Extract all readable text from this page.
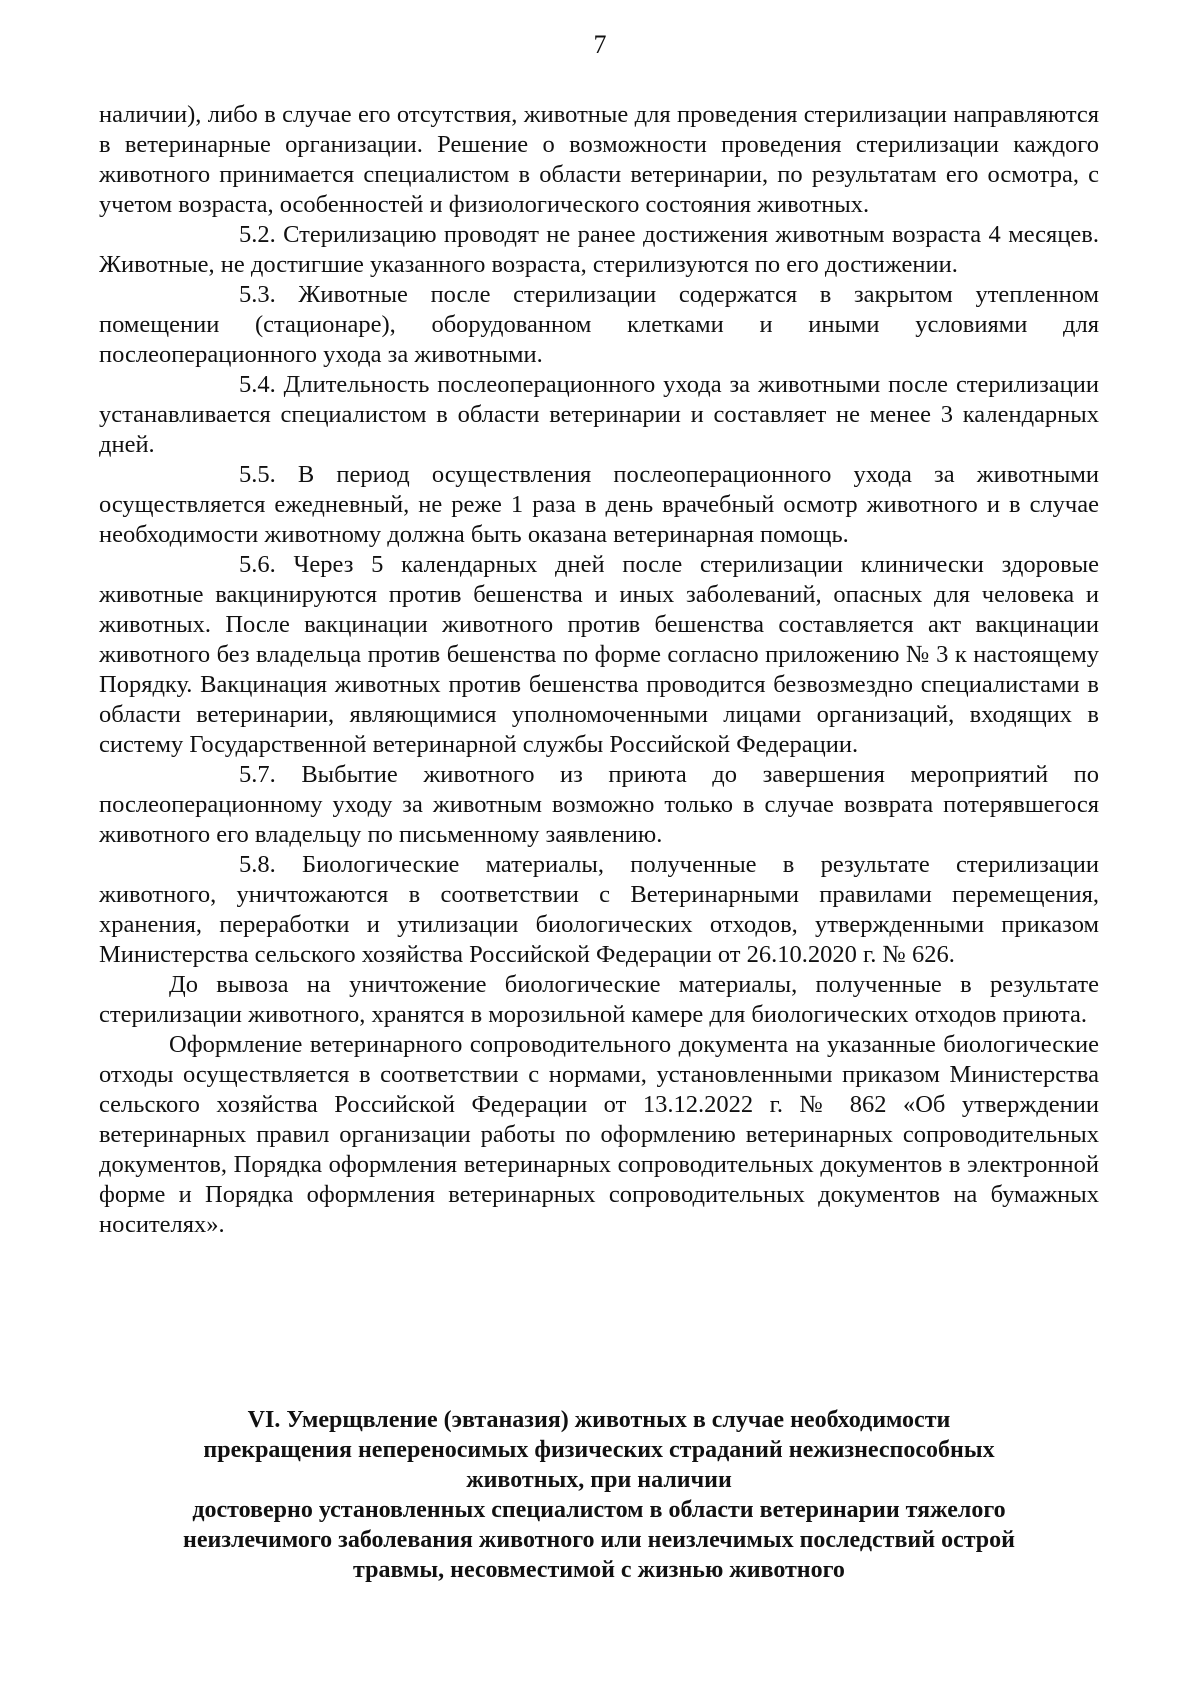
7

наличии), либо в случае его отсутствия, животные для проведения стерилизации направляются в ветеринарные организации. Решение о возможности проведения стерилизации каждого животного принимается специалистом в области ветеринарии, по результатам его осмотра, с учетом возраста, особенностей и физиологического состояния животных.

5.2. Стерилизацию проводят не ранее достижения животным возраста 4 месяцев. Животные, не достигшие указанного возраста, стерилизуются по его достижении.

5.3. Животные после стерилизации содержатся в закрытом утепленном помещении (стационаре), оборудованном клетками и иными условиями для послеоперационного ухода за животными.

5.4. Длительность послеоперационного ухода за животными после стерилизации устанавливается специалистом в области ветеринарии и составляет не менее 3 календарных дней.

5.5. В период осуществления послеоперационного ухода за животными осуществляется ежедневный, не реже 1 раза в день врачебный осмотр животного и в случае необходимости животному должна быть оказана ветеринарная помощь.

5.6. Через 5 календарных дней после стерилизации клинически здоровые животные вакцинируются против бешенства и иных заболеваний, опасных для человека и животных. После вакцинации животного против бешенства составляется акт вакцинации животного без владельца против бешенства по форме согласно приложению № 3 к настоящему Порядку. Вакцинация животных против бешенства проводится безвозмездно специалистами в области ветеринарии, являющимися уполномоченными лицами организаций, входящих в систему Государственной ветеринарной службы Российской Федерации.

5.7. Выбытие животного из приюта до завершения мероприятий по послеоперационному уходу за животным возможно только в случае возврата потерявшегося животного его владельцу по письменному заявлению.

5.8. Биологические материалы, полученные в результате стерилизации животного, уничтожаются в соответствии с Ветеринарными правилами перемещения, хранения, переработки и утилизации биологических отходов, утвержденными приказом Министерства сельского хозяйства Российской Федерации от 26.10.2020 г. № 626.

До вывоза на уничтожение биологические материалы, полученные в результате стерилизации животного, хранятся в морозильной камере для биологических отходов приюта.

Оформление ветеринарного сопроводительного документа на указанные биологические отходы осуществляется в соответствии с нормами, установленными приказом Министерства сельского хозяйства Российской Федерации от 13.12.2022 г. № 862 «Об утверждении ветеринарных правил организации работы по оформлению ветеринарных сопроводительных документов, Порядка оформления ветеринарных сопроводительных документов в электронной форме и Порядка оформления ветеринарных сопроводительных документов на бумажных носителях».

VI. Умерщвление (эвтаназия) животных в случае необходимости
прекращения непереносимых физических страданий нежизнеспособных
животных, при наличии
достоверно установленных специалистом в области ветеринарии тяжелого
неизлечимого заболевания животного или неизлечимых последствий острой
травмы, несовместимой с жизнью животного
